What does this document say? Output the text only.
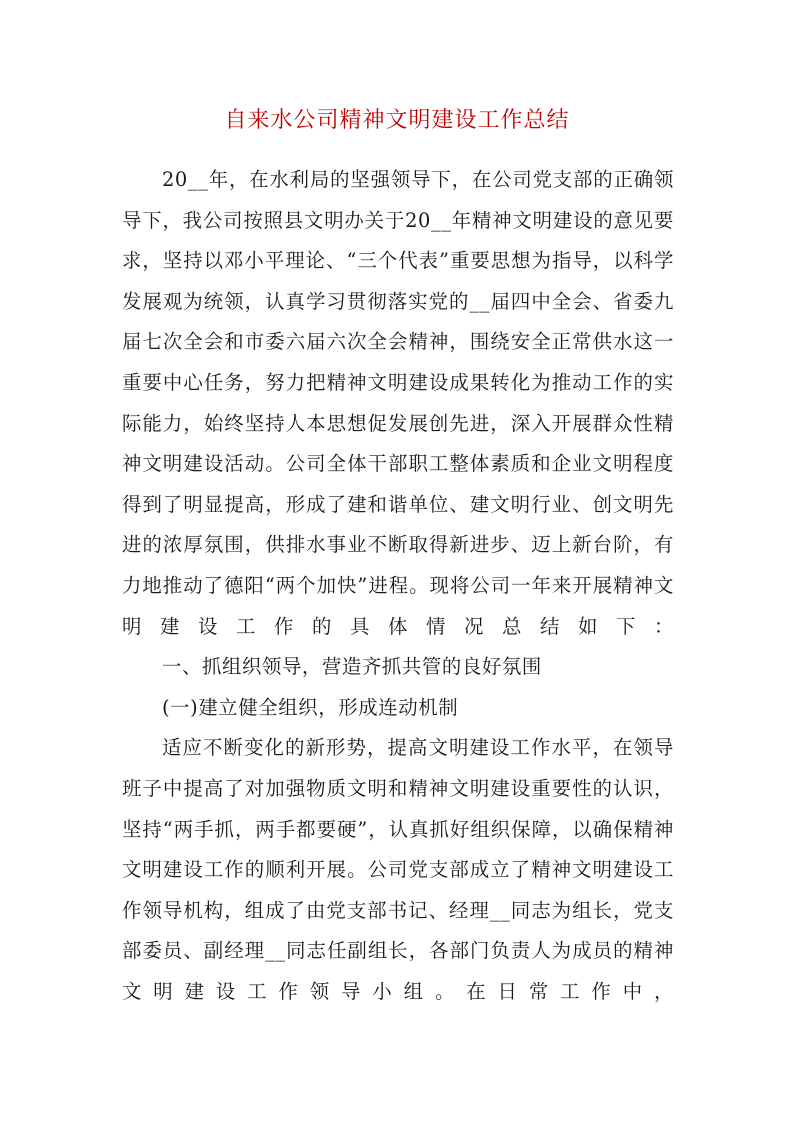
自来水公司精神文明建设工作总结

20__年，在水利局的坚强领导下，在公司党支部的正确领导下，我公司按照县文明办关于20__年精神文明建设的意见要求，坚持以邓小平理论、“三个代表”重要思想为指导，以科学发展观为统领，认真学习贯彻落实党的__届四中全会、省委九届七次全会和市委六届六次全会精神，围绕安全正常供水这一重要中心任务，努力把精神文明建设成果转化为推动工作的实际能力，始终坚持人本思想促发展创先进，深入开展群众性精神文明建设活动。公司全体干部职工整体素质和企业文明程度得到了明显提高，形成了建和谐单位、建文明行业、创文明先进的浓厚氛围，供排水事业不断取得新进步、迈上新台阶，有力地推动了德阳“两个加快”进程。现将公司一年来开展精神文明建设工作的具体情况总结如下：

一、抓组织领导，营造齐抓共管的良好氛围

(一)建立健全组织，形成连动机制

适应不断变化的新形势，提高文明建设工作水平，在领导班子中提高了对加强物质文明和精神文明建设重要性的认识，坚持“两手抓，两手都要硬”，认真抓好组织保障，以确保精神文明建设工作的顺利开展。公司党支部成立了精神文明建设工作领导机构，组成了由党支部书记、经理__同志为组长，党支部委员、副经理__同志任副组长，各部门负责人为成员的精神文明建设工作领导小组。在日常工作中，
